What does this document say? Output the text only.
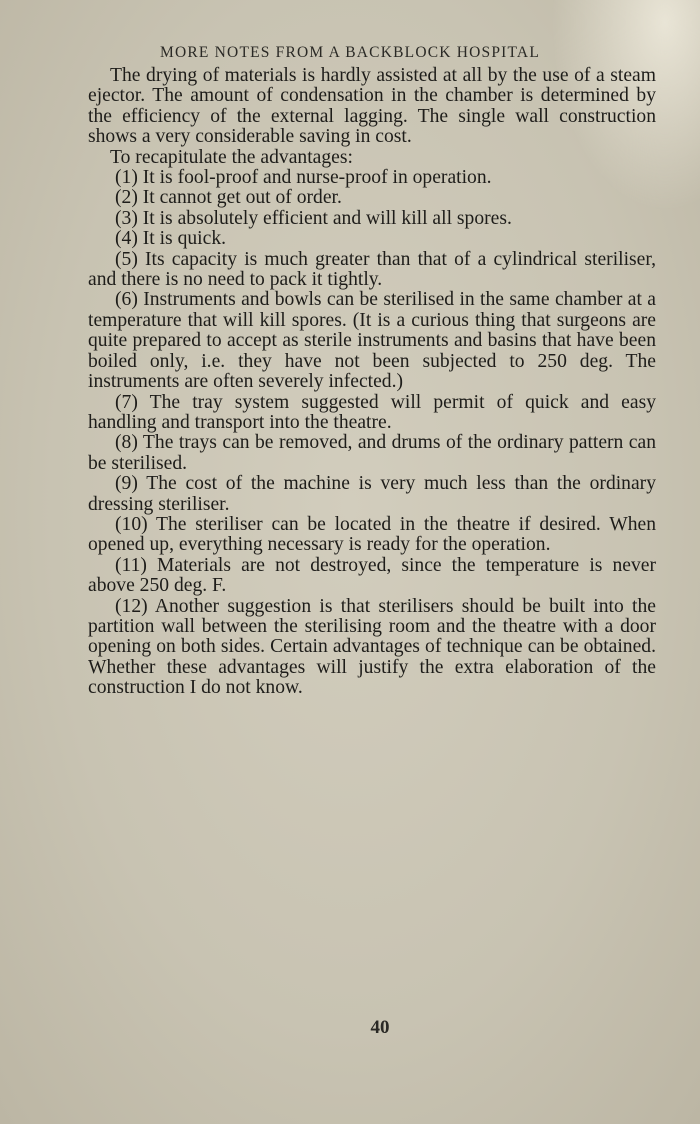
MORE NOTES FROM A BACKBLOCK HOSPITAL

The drying of materials is hardly assisted at all by the use of a steam ejector. The amount of condensation in the chamber is determined by the efficiency of the external lagging. The single wall construction shows a very considerable saving in cost.

To recapitulate the advantages:

(1) It is fool-proof and nurse-proof in operation.

(2) It cannot get out of order.

(3) It is absolutely efficient and will kill all spores.

(4) It is quick.

(5) Its capacity is much greater than that of a cylindrical steriliser, and there is no need to pack it tightly.

(6) Instruments and bowls can be sterilised in the same chamber at a temperature that will kill spores. (It is a curious thing that surgeons are quite prepared to accept as sterile instruments and basins that have been boiled only, i.e. they have not been subjected to 250 deg. The instruments are often severely infected.)

(7) The tray system suggested will permit of quick and easy handling and transport into the theatre.

(8) The trays can be removed, and drums of the ordinary pattern can be sterilised.

(9) The cost of the machine is very much less than the ordinary dressing steriliser.

(10) The steriliser can be located in the theatre if desired. When opened up, everything necessary is ready for the operation.

(11) Materials are not destroyed, since the temperature is never above 250 deg. F.

(12) Another suggestion is that sterilisers should be built into the partition wall between the sterilising room and the theatre with a door opening on both sides. Certain advantages of technique can be obtained. Whether these advantages will justify the extra elaboration of the construction I do not know.

40
